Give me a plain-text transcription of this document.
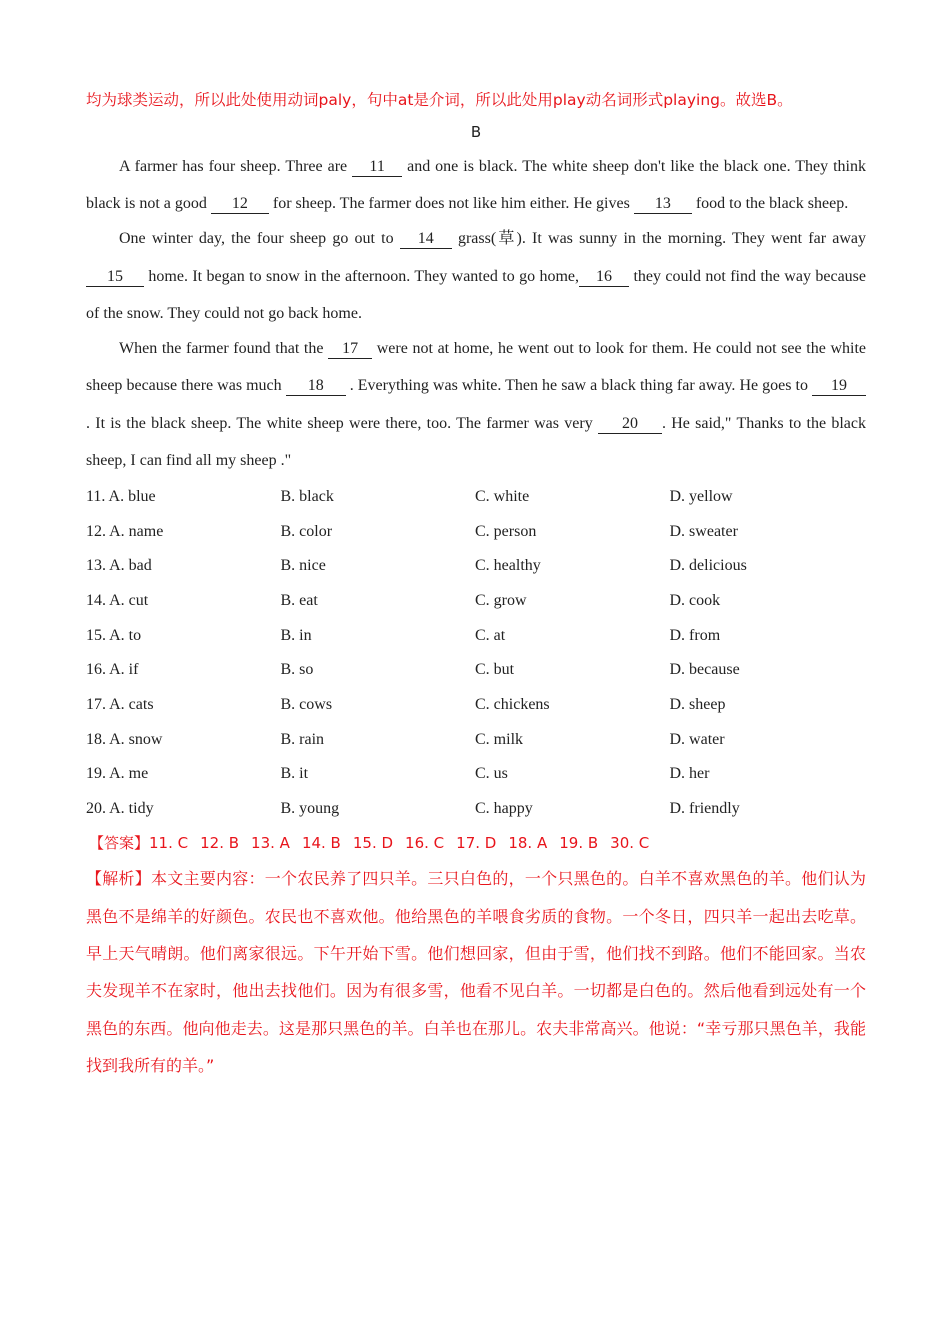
均为球类运动，所以此处使用动词paly，句中at是介词，所以此处用play动名词形式playing。故选B。

B

A farmer has four sheep. Three are 11 and one is black. The white sheep don't like the black one. They think black is not a good 12 for sheep. The farmer does not like him either. He gives 13 food to the black sheep.

One winter day, the four sheep go out to 14 grass(草). It was sunny in the morning. They went far away 15 home. It began to snow in the afternoon. They wanted to go home, 16 they could not find the way because of the snow. They could not go back home.

When the farmer found that the 17 were not at home, he went out to look for them. He could not see the white sheep because there was much 18 . Everything was white. Then he saw a black thing far away. He goes to 19 . It is the black sheep. The white sheep were there, too. The farmer was very 20 . He said," Thanks to the black sheep, I can find all my sheep ."

11. A. blue	B. black	C. white	D. yellow
12. A. name	B. color	C. person	D. sweater
13. A. bad	B. nice	C. healthy	D. delicious
14. A. cut	B. eat	C. grow	D. cook
15. A. to	B. in	C. at	D. from
16. A. if	B. so	C. but	D. because
17. A. cats	B. cows	C. chickens	D. sheep
18. A. snow	B. rain	C. milk	D. water
19. A. me	B. it	C. us	D. her
20. A. tidy	B. young	C. happy	D. friendly

【答案】11. C 12. B 13. A 14. B 15. D 16. C 17. D 18. A 19. B 30. C

【解析】本文主要内容：一个农民养了四只羊。三只白色的，一个只黑色的。白羊不喜欢黑色的羊。他们认为黑色不是绵羊的好颜色。农民也不喜欢他。他给黑色的羊喂食劣质的食物。一个冬日，四只羊一起出去吃草。早上天气晴朗。他们离家很远。下午开始下雪。他们想回家，但由于雪，他们找不到路。他们不能回家。当农夫发现羊不在家时，他出去找他们。因为有很多雪，他看不见白羊。一切都是白色的。然后他看到远处有一个黑色的东西。他向他走去。这是那只黑色的羊。白羊也在那儿。农夫非常高兴。他说：“幸亏那只黑色羊，我能找到我所有的羊。”
